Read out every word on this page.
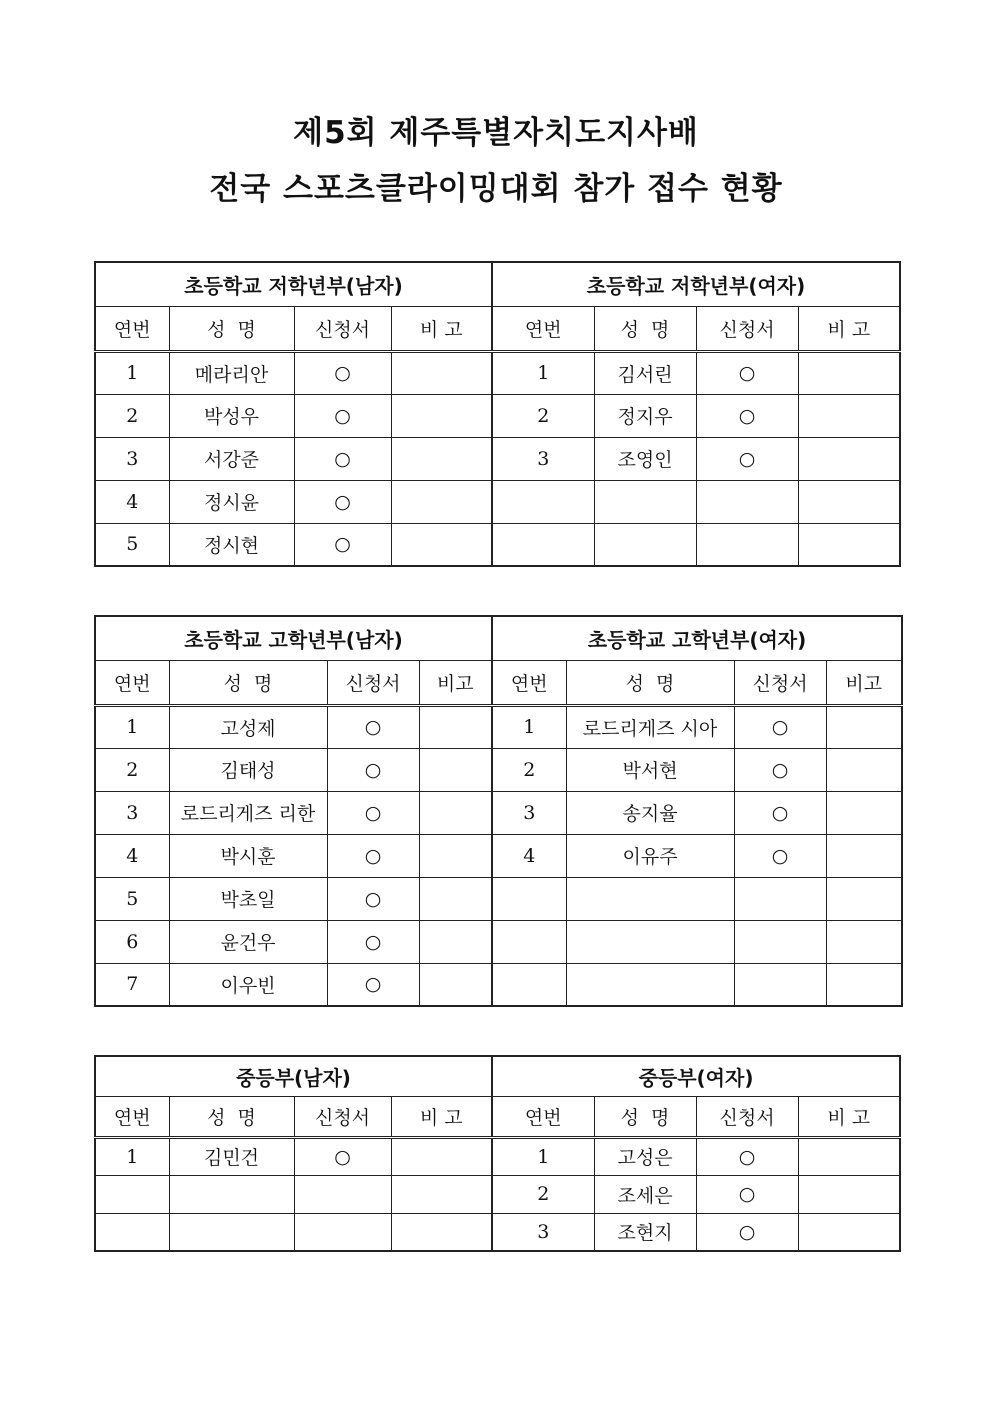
제5회 제주특별자치도지사배
전국 스포츠클라이밍대회 참가 접수 현황
초등학교 저학년부(남자)				초등학교 저학년부(여자)			
연번	성  명	신청서	비 고	연번	성  명	신청서	비 고
1	메라리안	○		1	김서린	○	
2	박성우	○		2	정지우	○	
3	서강준	○		3	조영인	○	
4	정시윤	○					
5	정시현	○					
초등학교 고학년부(남자)				초등학교 고학년부(여자)			
연번	성  명	신청서	비고	연번	성  명	신청서	비고
1	고성제	○		1	로드리게즈 시아	○	
2	김태성	○		2	박서현	○	
3	로드리게즈 리한	○		3	송지율	○	
4	박시훈	○		4	이유주	○	
5	박초일	○					
6	윤건우	○					
7	이우빈	○					
중등부(남자)				중등부(여자)			
연번	성  명	신청서	비 고	연번	성  명	신청서	비 고
1	김민건	○		1	고성은	○	
				2	조세은	○	
				3	조현지	○	
